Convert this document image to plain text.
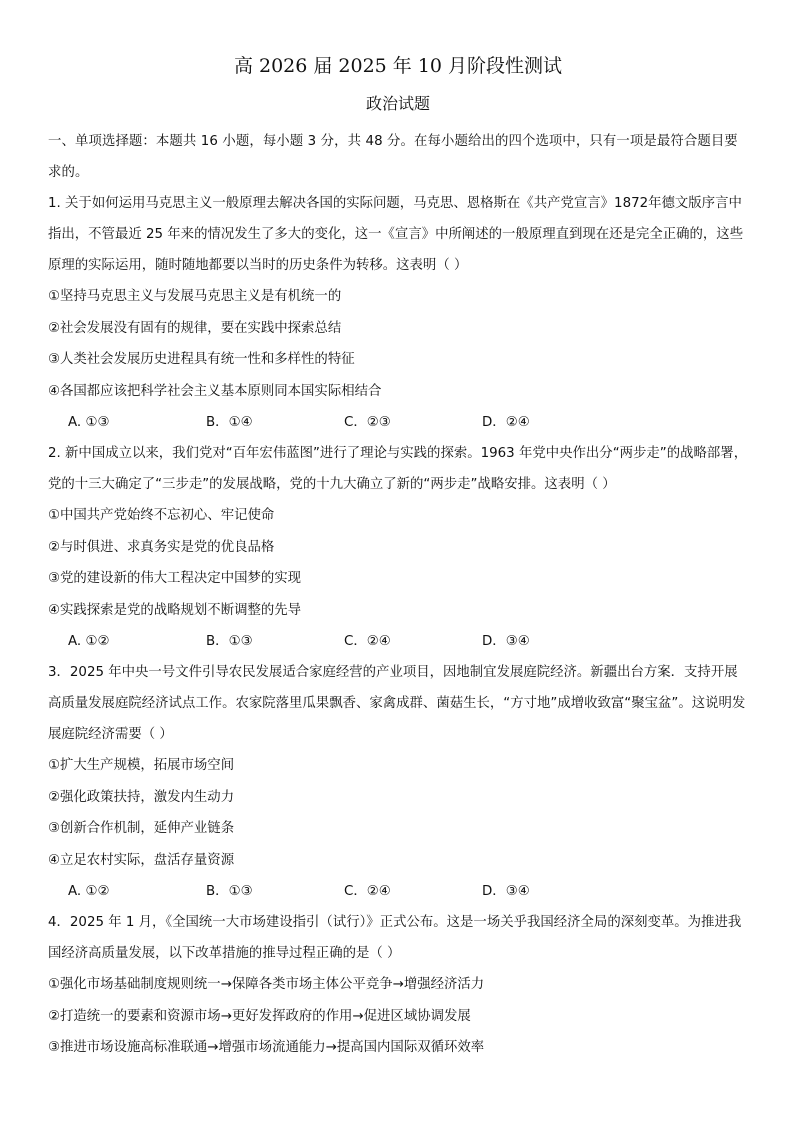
高 2026 届 2025 年 10 月阶段性测试
政治试题
一、单项选择题：本题共 16 小题，每小题 3 分，共 48 分。在每小题给出的四个选项中，只有一项是最符合题目要求的。

1. 关于如何运用马克思主义一般原理去解决各国的实际问题，马克思、恩格斯在《共产党宣言》1872年德文版序言中指出，不管最近 25 年来的情况发生了多大的变化，这一《宣言》中所阐述的一般原理直到现在还是完全正确的，这些原理的实际运用，随时随地都要以当时的历史条件为转移。这表明（ ）

①坚持马克思主义与发展马克思主义是有机统一的

②社会发展没有固有的规律，要在实践中探索总结

③人类社会发展历史进程具有统一性和多样性的特征

④各国都应该把科学社会主义基本原则同本国实际相结合

A. ①③	B．①④	C．②③	D．②④

2. 新中国成立以来，我们党对“百年宏伟蓝图”进行了理论与实践的探索。1963 年党中央作出分“两步走”的战略部署，党的十三大确定了“三步走”的发展战略，党的十九大确立了新的“两步走”战略安排。这表明（ ）

①中国共产党始终不忘初心、牢记使命

②与时俱进、求真务实是党的优良品格

③党的建设新的伟大工程决定中国梦的实现

④实践探索是党的战略规划不断调整的先导

A. ①②	B．①③	C．②④	D．③④

3．2025 年中央一号文件引导农民发展适合家庭经营的产业项目，因地制宜发展庭院经济。新疆出台方案．支持开展高质量发展庭院经济试点工作。农家院落里瓜果飘香、家禽成群、菌菇生长，“方寸地”成增收致富“聚宝盆”。这说明发展庭院经济需要（ ）

①扩大生产规模，拓展市场空间

②强化政策扶持，激发内生动力

③创新合作机制，延伸产业链条

④立足农村实际，盘活存量资源

A. ①②	B．①③	C．②④	D．③④

4．2025 年 1 月，《全国统一大市场建设指引（试行）》正式公布。这是一场关乎我国经济全局的深刻变革。为推进我国经济高质量发展，以下改革措施的推导过程正确的是（ ）

①强化市场基础制度规则统一→保障各类市场主体公平竞争→增强经济活力

②打造统一的要素和资源市场→更好发挥政府的作用→促进区域协调发展

③推进市场设施高标准联通→增强市场流通能力→提高国内国际双循环效率
